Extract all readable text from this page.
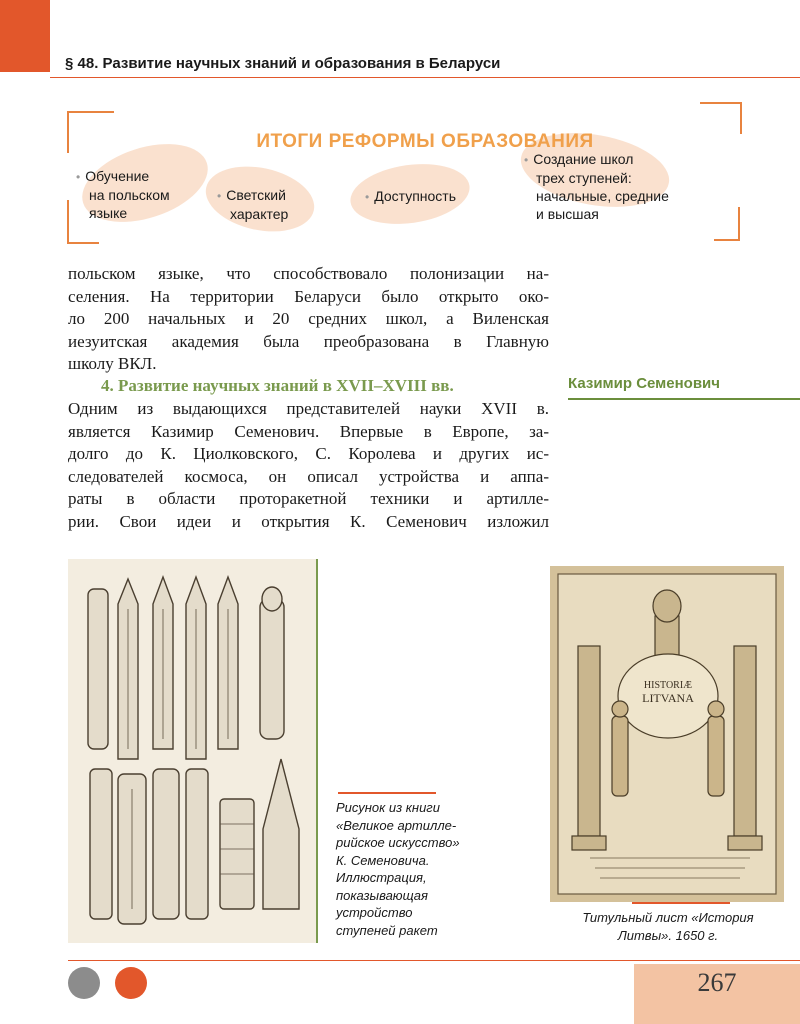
§ 48. Развитие научных знаний и образования в Беларуси
ИТОГИ РЕФОРМЫ ОБРАЗОВАНИЯ
• Обучение
на польском
языке
• Светский
характер
• Доступность
• Создание школ
трех ступеней:
начальные, средние
и высшая
польском языке, что способствовало полонизации на-
селения. На территории Беларуси было открыто око-
ло 200 начальных и 20 средних школ, а Виленская
иезуитская академия была преобразована в Главную
школу ВКЛ.
4. Развитие научных знаний в XVII–XVIII вв.
Одним из выдающихся представителей науки XVII в.
является Казимир Семенович. Впервые в Европе, за-
долго до К. Циолковского, С. Королева и других ис-
следователей космоса, он описал устройства и аппа-
раты в области проторакетной техники и артилле-
рии. Свои идеи и открытия К. Семенович изложил
Казимир Семенович
Рисунок из книги
«Великое артилле-
рийское искусство»
К. Семеновича.
Иллюстрация,
показывающая
устройство
ступеней ракет
HISTORIÆ
LITVANA
Титульный лист «История
Литвы». 1650 г.
267
